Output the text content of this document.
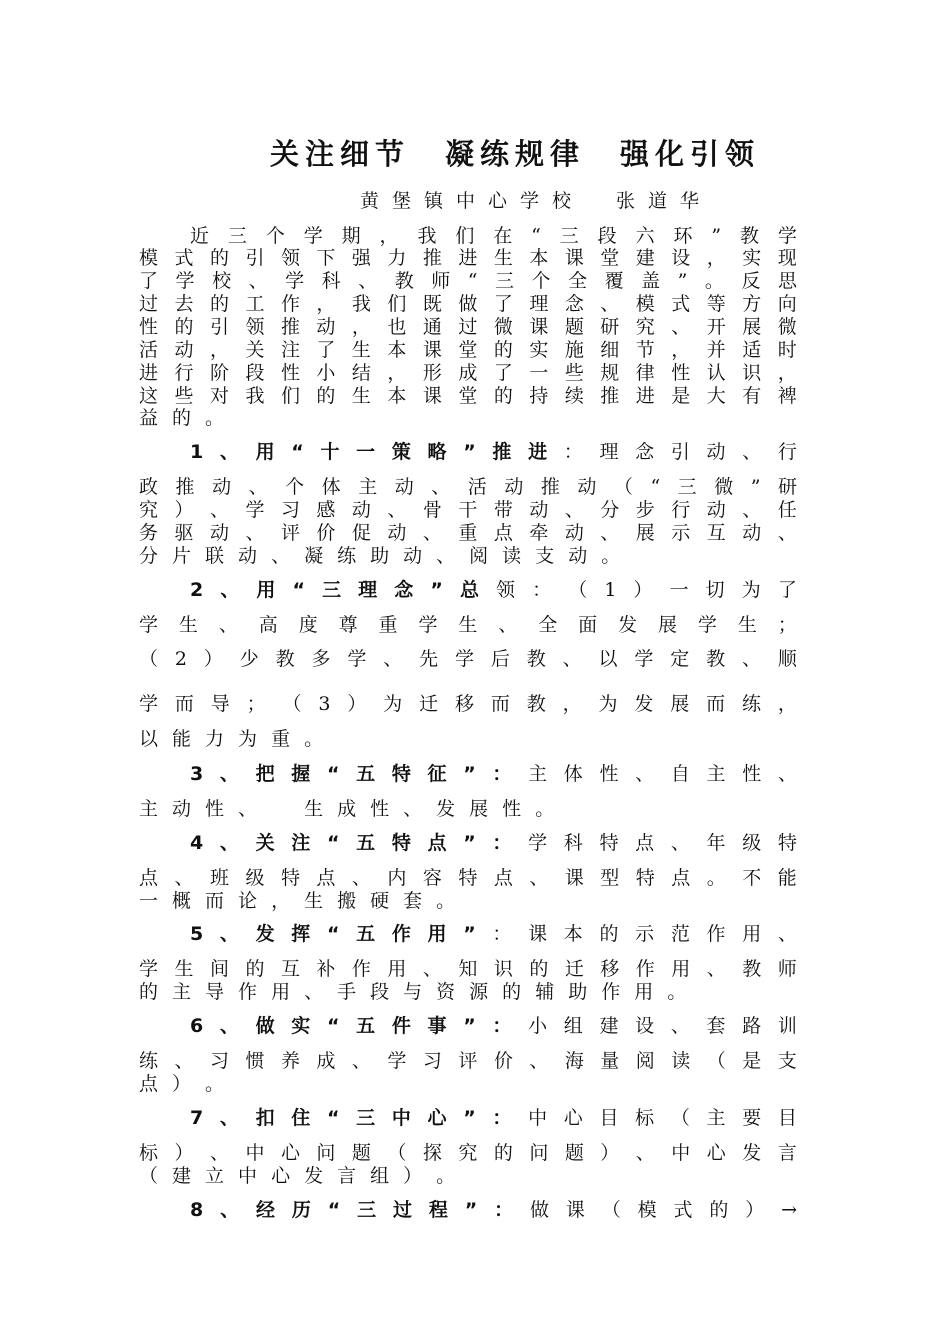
关注细节　凝练规律　强化引领
黄堡镇中心学校　张道华
近 三 个 学 期 ， 我 们 在 “ 三 段 六 环 ” 教 学
模 式 的 引 领 下 强 力 推 进 生 本 课 堂 建 设 ， 实 现
了 学 校 、 学 科 、 教 师 “ 三 个 全 覆 盖 ” 。 反 思
过 去 的 工 作 ， 我 们 既 做 了 理 念 、 模 式 等 方 向
性 的 引 领 推 动 ， 也 通 过 微 课 题 研 究 、 开 展 微
活 动 ， 关 注 了 生 本 课 堂 的 实 施 细 节 ， 并 适 时
进 行 阶 段 性 小 结 ， 形 成 了 一 些 规 律 性 认 识 ，
这 些 对 我 们 的 生 本 课 堂 的 持 续 推 进 是 大 有 裨
益 的 。
1 、 用 “ 十 一 策 略 ” 推 进 ： 理 念 引 动 、 行
政 推 动 、 个 体 主 动 、 活 动 推 动 （ “ 三 微 ” 研
究 ） 、 学 习 感 动 、 骨 干 带 动 、 分 步 行 动 、 任
务 驱 动 、 评 价 促 动 、 重 点 牵 动 、 展 示 互 动 、
分 片 联 动 、 凝 练 助 动 、 阅 读 支 动 。
2 、 用 “ 三 理 念 ” 总 领 ： （ 1 ） 一 切 为 了
学 生 、 高 度 尊 重 学 生 、 全 面 发 展 学 生 ；
（ 2 ） 少 教 多 学 、 先 学 后 教 、 以 学 定 教 、 顺
学 而 导 ； （ 3 ） 为 迁 移 而 教 ， 为 发 展 而 练 ，
以 能 力 为 重 。
3 、 把 握 “ 五 特 征 ” ： 主 体 性 、 自 主 性 、
主 动 性 、
　 生 成 性 、 发 展 性 。
4 、 关 注 “ 五 特 点 ” ： 学 科 特 点 、 年 级 特
点 、 班 级 特 点 、 内 容 特 点 、 课 型 特 点 。 不 能
一 概 而 论 ， 生 搬 硬 套 。
5 、 发 挥 “ 五 作 用 ” ： 课 本 的 示 范 作 用 、
学 生 间 的 互 补 作 用 、 知 识 的 迁 移 作 用 、 教 师
的 主 导 作 用 、 手 段 与 资 源 的 辅 助 作 用 。
6 、 做 实 “ 五 件 事 ” ： 小 组 建 设 、 套 路 训
练 、 习 惯 养 成 、 学 习 评 价 、 海 量 阅 读 （ 是 支
点 ） 。
7 、 扣 住 “ 三 中 心 ” ： 中 心 目 标 （ 主 要 目
标 ） 、 中 心 问 题 （ 探 究 的 问 题 ） 、 中 心 发 言
（ 建 立 中 心 发 言 组 ） 。
8 、 经 历 “ 三 过 程 ” ： 做 课 （ 模 式 的 ） →
